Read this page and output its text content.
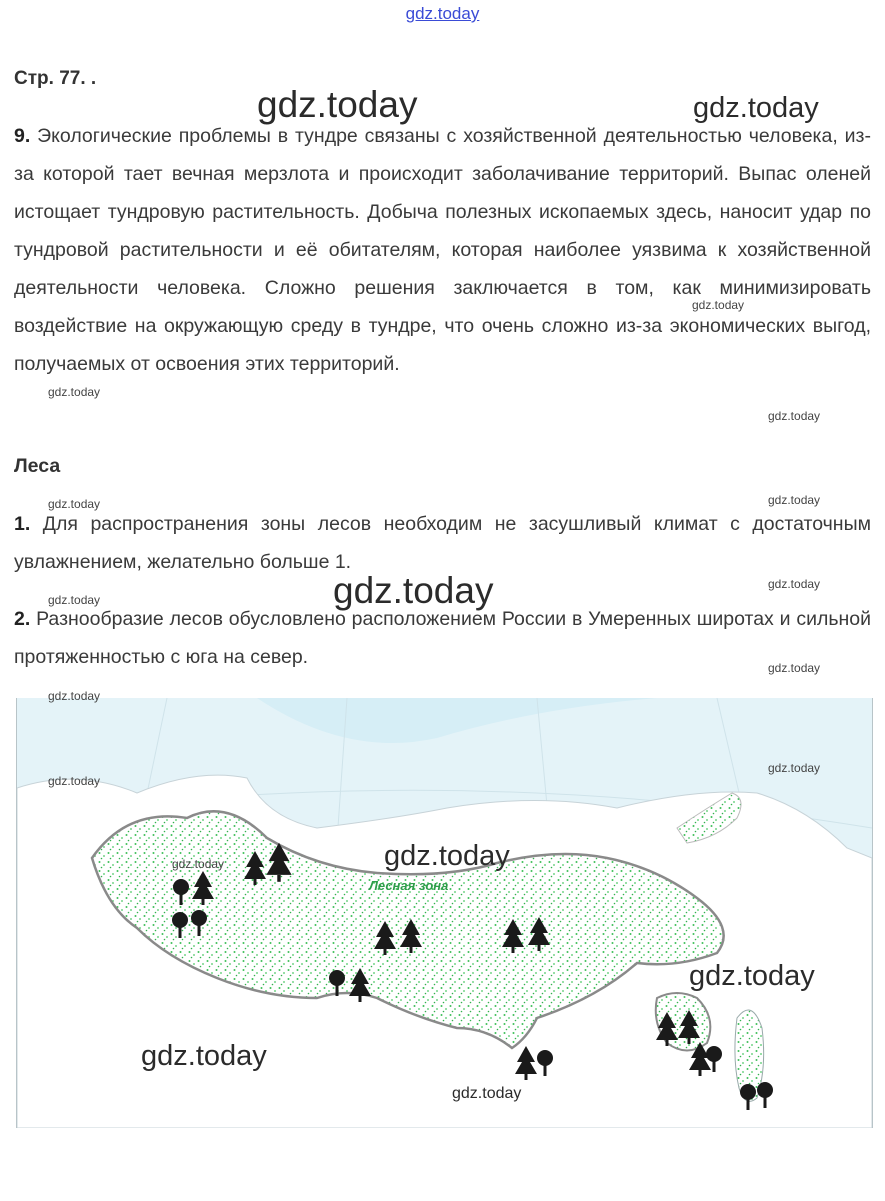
gdz.today
Стр. 77. .
9. Экологические проблемы в тундре связаны с хозяйственной деятельностью человека, из-за которой тает вечная мерзлота и происходит заболачивание территорий. Выпас оленей истощает тундровую растительность. Добыча полезных ископаемых здесь, наносит удар по тундровой растительности и её обитателям, которая наиболее уязвима к хозяйственной деятельности человека. Сложно решения заключается в том, как минимизировать воздействие на окружающую среду в тундре, что очень сложно из-за экономических выгод, получаемых от освоения этих территорий.
Леса
1. Для распространения зоны лесов необходим не засушливый климат с достаточным увлажнением, желательно больше 1.
2. Разнообразие лесов обусловлено расположением России в Умеренных широтах и сильной протяженностью с юга на север.
Лесная зона
gdz.today	gdz.today
gdz.today
gdz.today
gdz.today
gdz.today	gdz.today
gdz.today	gdz.today
gdz.today
gdz.today
gdz.today
gdz.today
gdz.today
gdz.today	gdz.today
gdz.today
gdz.today
gdz.today
